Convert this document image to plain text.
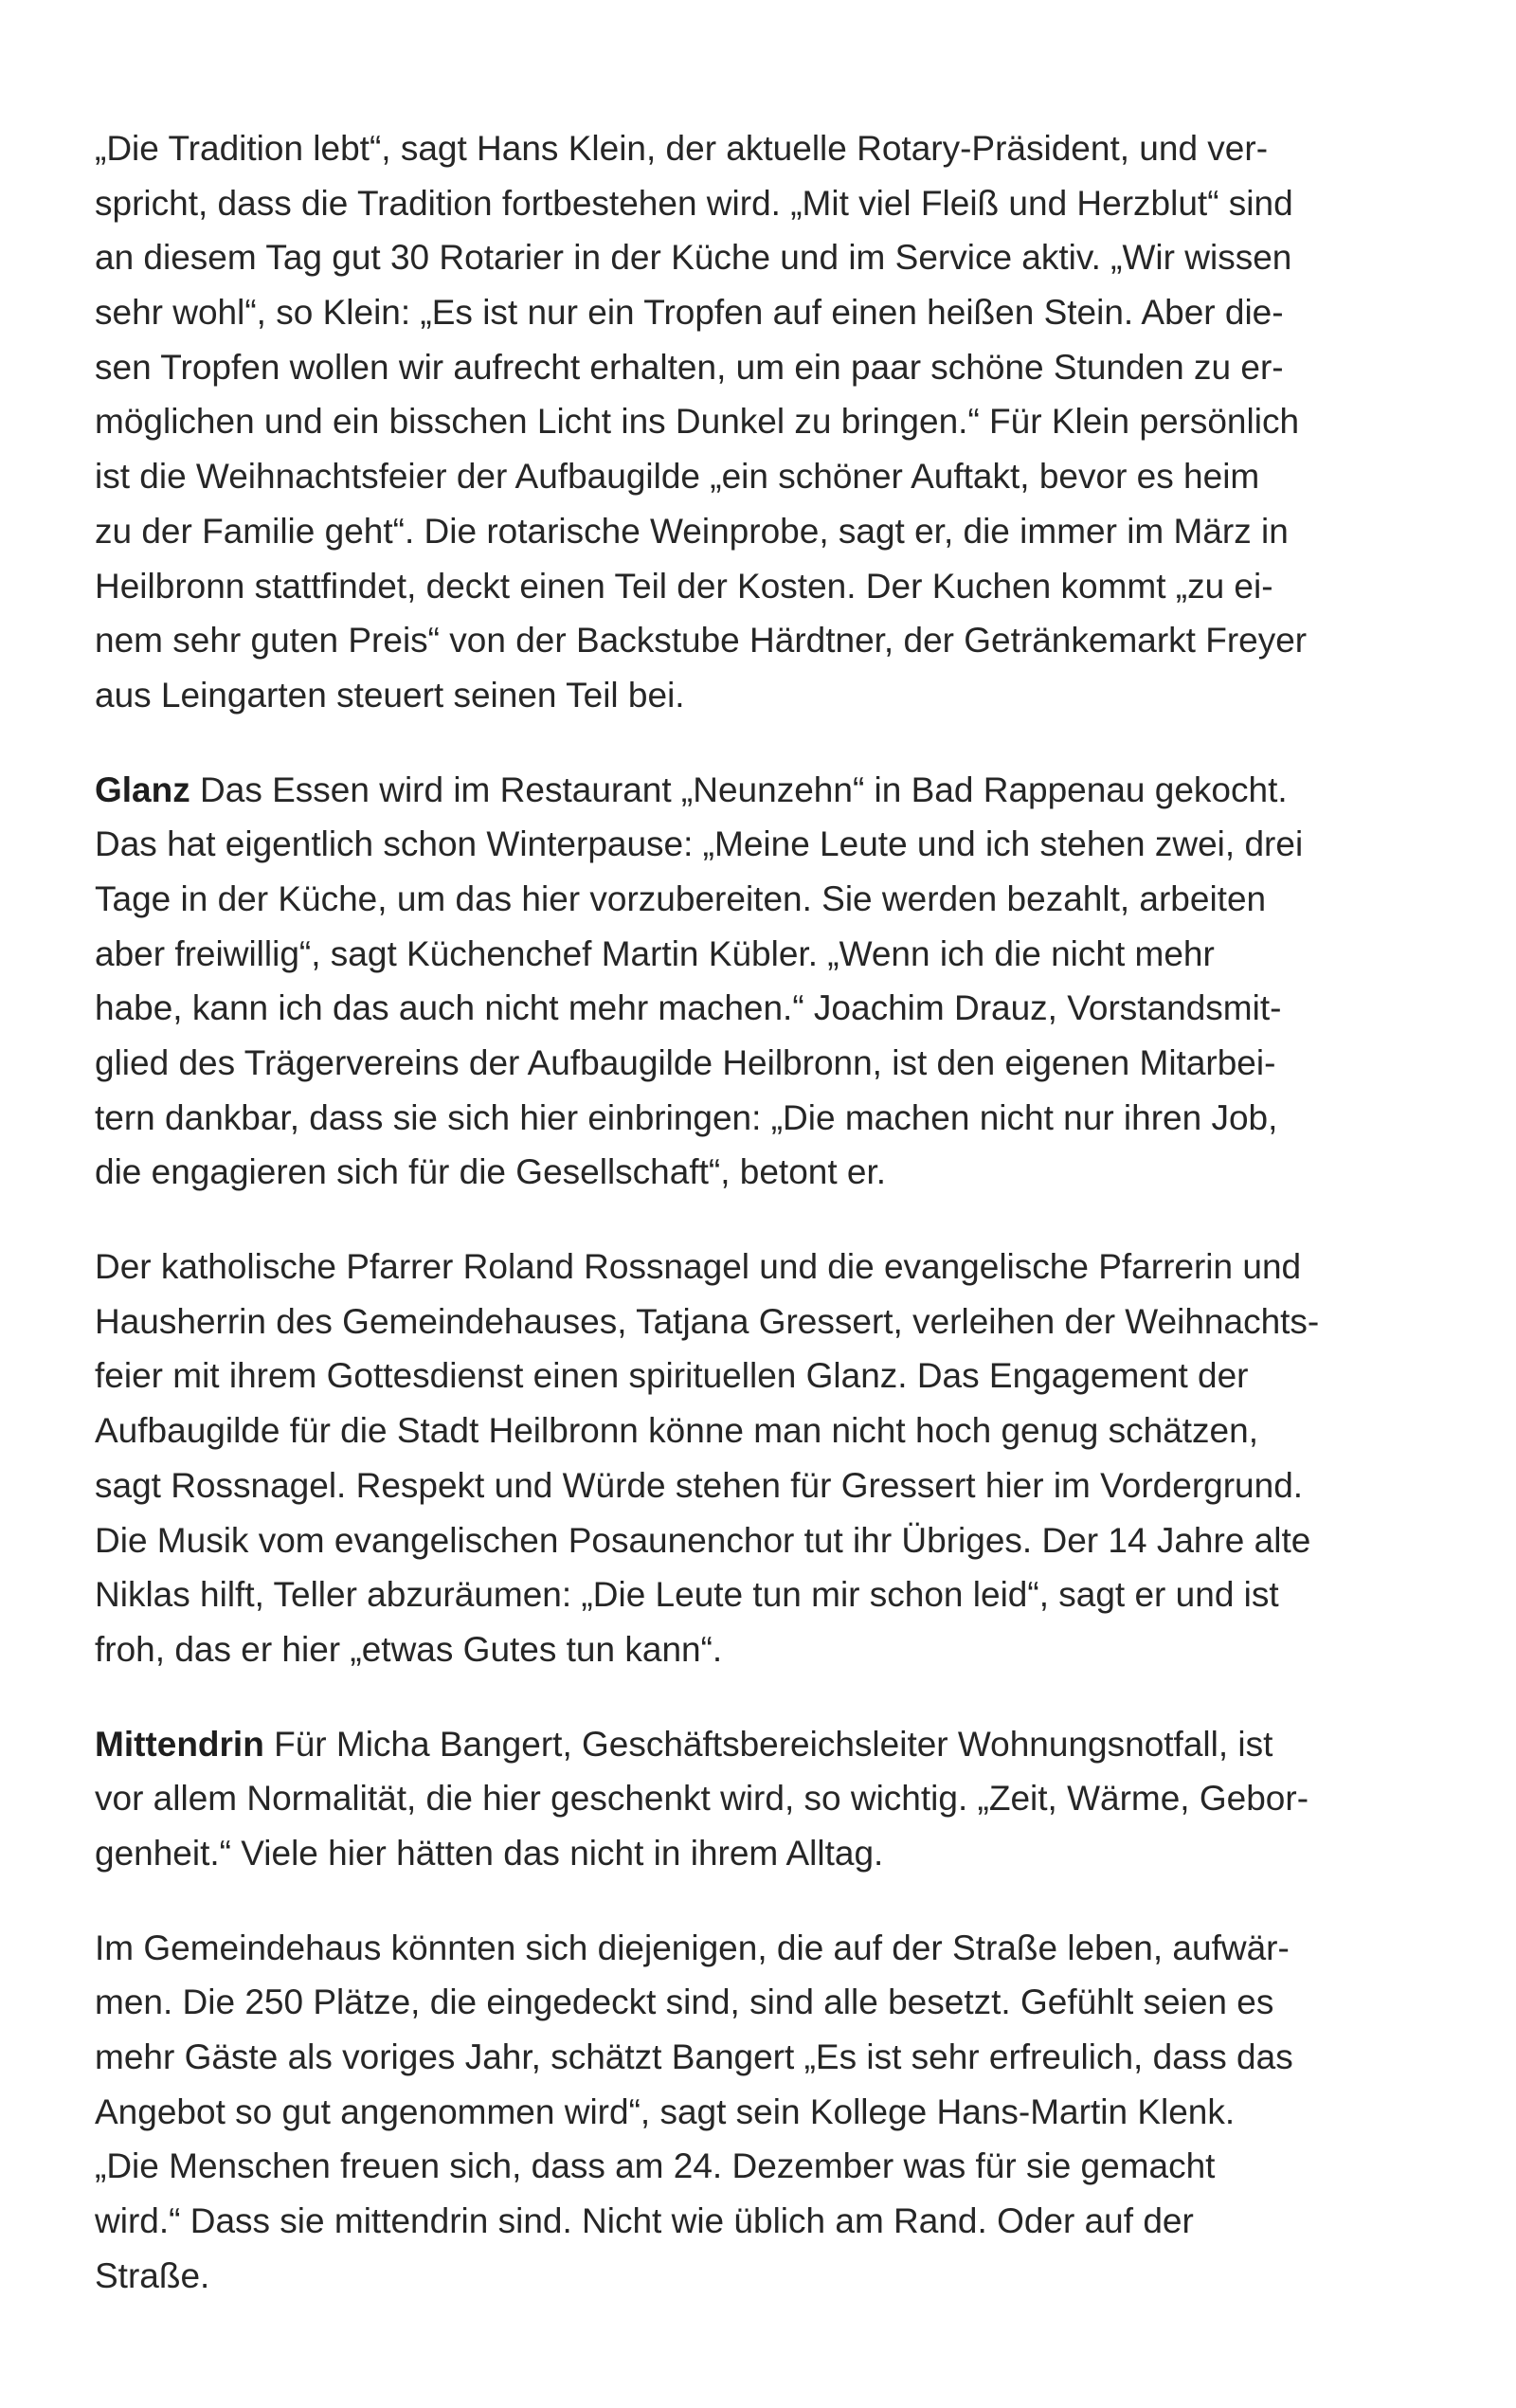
„Die Tradition lebt“, sagt Hans Klein, der aktuelle Rotary-Präsident, und ver-
spricht, dass die Tradition fortbestehen wird. „Mit viel Fleiß und Herzblut“ sind
an diesem Tag gut 30 Rotarier in der Küche und im Service aktiv. „Wir wissen
sehr wohl“, so Klein: „Es ist nur ein Tropfen auf einen heißen Stein. Aber die-
sen Tropfen wollen wir aufrecht erhalten, um ein paar schöne Stunden zu er-
möglichen und ein bisschen Licht ins Dunkel zu bringen.“ Für Klein persönlich
ist die Weihnachtsfeier der Aufbaugilde „ein schöner Auftakt, bevor es heim
zu der Familie geht“. Die rotarische Weinprobe, sagt er, die immer im März in
Heilbronn stattfindet, deckt einen Teil der Kosten. Der Kuchen kommt „zu ei-
nem sehr guten Preis“ von der Backstube Härdtner, der Getränkemarkt Freyer
aus Leingarten steuert seinen Teil bei.
Glanz Das Essen wird im Restaurant „Neunzehn“ in Bad Rappenau gekocht.
Das hat eigentlich schon Winterpause: „Meine Leute und ich stehen zwei, drei
Tage in der Küche, um das hier vorzubereiten. Sie werden bezahlt, arbeiten
aber freiwillig“, sagt Küchenchef Martin Kübler. „Wenn ich die nicht mehr
habe, kann ich das auch nicht mehr machen.“ Joachim Drauz, Vorstandsmit-
glied des Trägervereins der Aufbaugilde Heilbronn, ist den eigenen Mitarbei-
tern dankbar, dass sie sich hier einbringen: „Die machen nicht nur ihren Job,
die engagieren sich für die Gesellschaft“, betont er.
Der katholische Pfarrer Roland Rossnagel und die evangelische Pfarrerin und
Hausherrin des Gemeindehauses, Tatjana Gressert, verleihen der Weihnachts-
feier mit ihrem Gottesdienst einen spirituellen Glanz. Das Engagement der
Aufbaugilde für die Stadt Heilbronn könne man nicht hoch genug schätzen,
sagt Rossnagel. Respekt und Würde stehen für Gressert hier im Vordergrund.
Die Musik vom evangelischen Posaunenchor tut ihr Übriges. Der 14 Jahre alte
Niklas hilft, Teller abzuräumen: „Die Leute tun mir schon leid“, sagt er und ist
froh, das er hier „etwas Gutes tun kann“.
Mittendrin Für Micha Bangert, Geschäftsbereichsleiter Wohnungsnotfall, ist
vor allem Normalität, die hier geschenkt wird, so wichtig. „Zeit, Wärme, Gebor-
genheit.“ Viele hier hätten das nicht in ihrem Alltag.
Im Gemeindehaus könnten sich diejenigen, die auf der Straße leben, aufwär-
men. Die 250 Plätze, die eingedeckt sind, sind alle besetzt. Gefühlt seien es
mehr Gäste als voriges Jahr, schätzt Bangert „Es ist sehr erfreulich, dass das
Angebot so gut angenommen wird“, sagt sein Kollege Hans-Martin Klenk.
„Die Menschen freuen sich, dass am 24. Dezember was für sie gemacht
wird.“ Dass sie mittendrin sind. Nicht wie üblich am Rand. Oder auf der
Straße.
